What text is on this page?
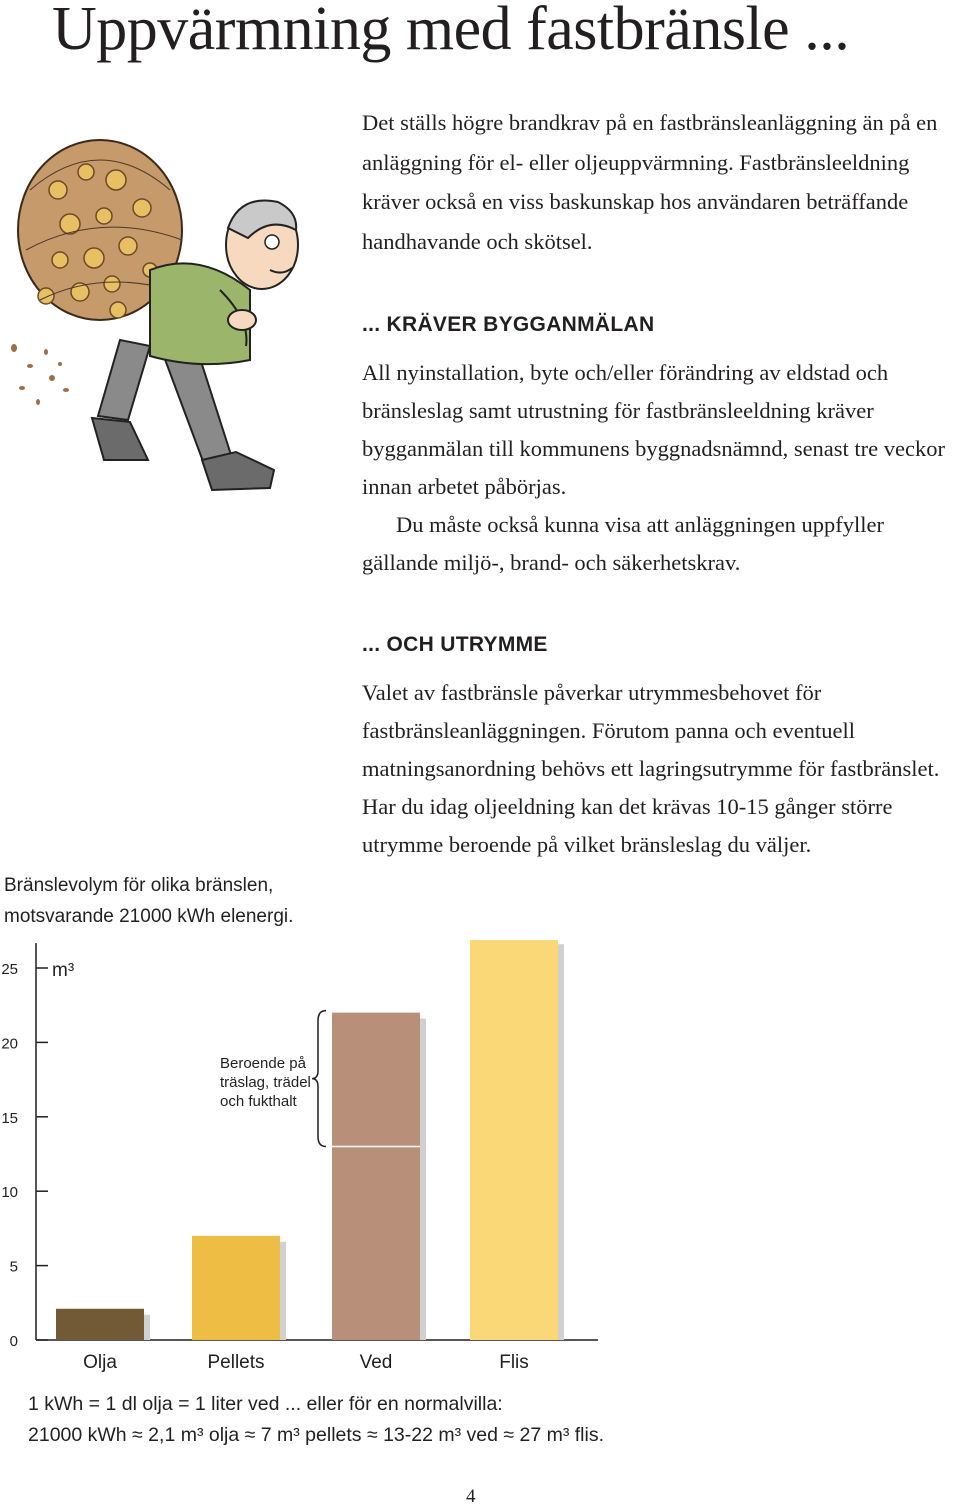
Uppvärmning med fastbränsle ...

Det ställs högre brandkrav på en fastbränsleanläggning än på en anläggning för el- eller oljeuppvärmning. Fastbränsleeldning kräver också en viss baskunskap hos användaren beträffande handhavande och skötsel.

... KRÄVER BYGGANMÄLAN

All nyinstallation, byte och/eller förändring av eldstad och bränsleslag samt utrustning för fastbränsleeldning kräver bygganmälan till kommunens byggnadsnämnd, senast tre veckor innan arbetet påbörjas.
Du måste också kunna visa att anläggningen uppfyller gällande miljö-, brand- och säkerhetskrav.

... OCH UTRYMME

Valet av fastbränsle påverkar utrymmesbehovet för fastbränsleanläggningen. Förutom panna och eventuell matningsanordning behövs ett lagringsutrymme för fastbränslet. Har du idag oljeeldning kan det krävas 10-15 gånger större utrymme beroende på vilket bränsleslag du väljer.

Bränslevolym för olika bränslen, motsvarande 21000 kWh elenergi.

0
5
10
15
20
25 m³
Olja	Pellets	Ved	Flis
Beroende på
träslag, trädel
och fukthalt

1 kWh = 1 dl olja = 1 liter ved ... eller för en normalvilla:

21000 kWh ≈ 2,1 m³ olja ≈ 7 m³ pellets ≈ 13-22 m³ ved ≈ 27 m³ flis.

4
